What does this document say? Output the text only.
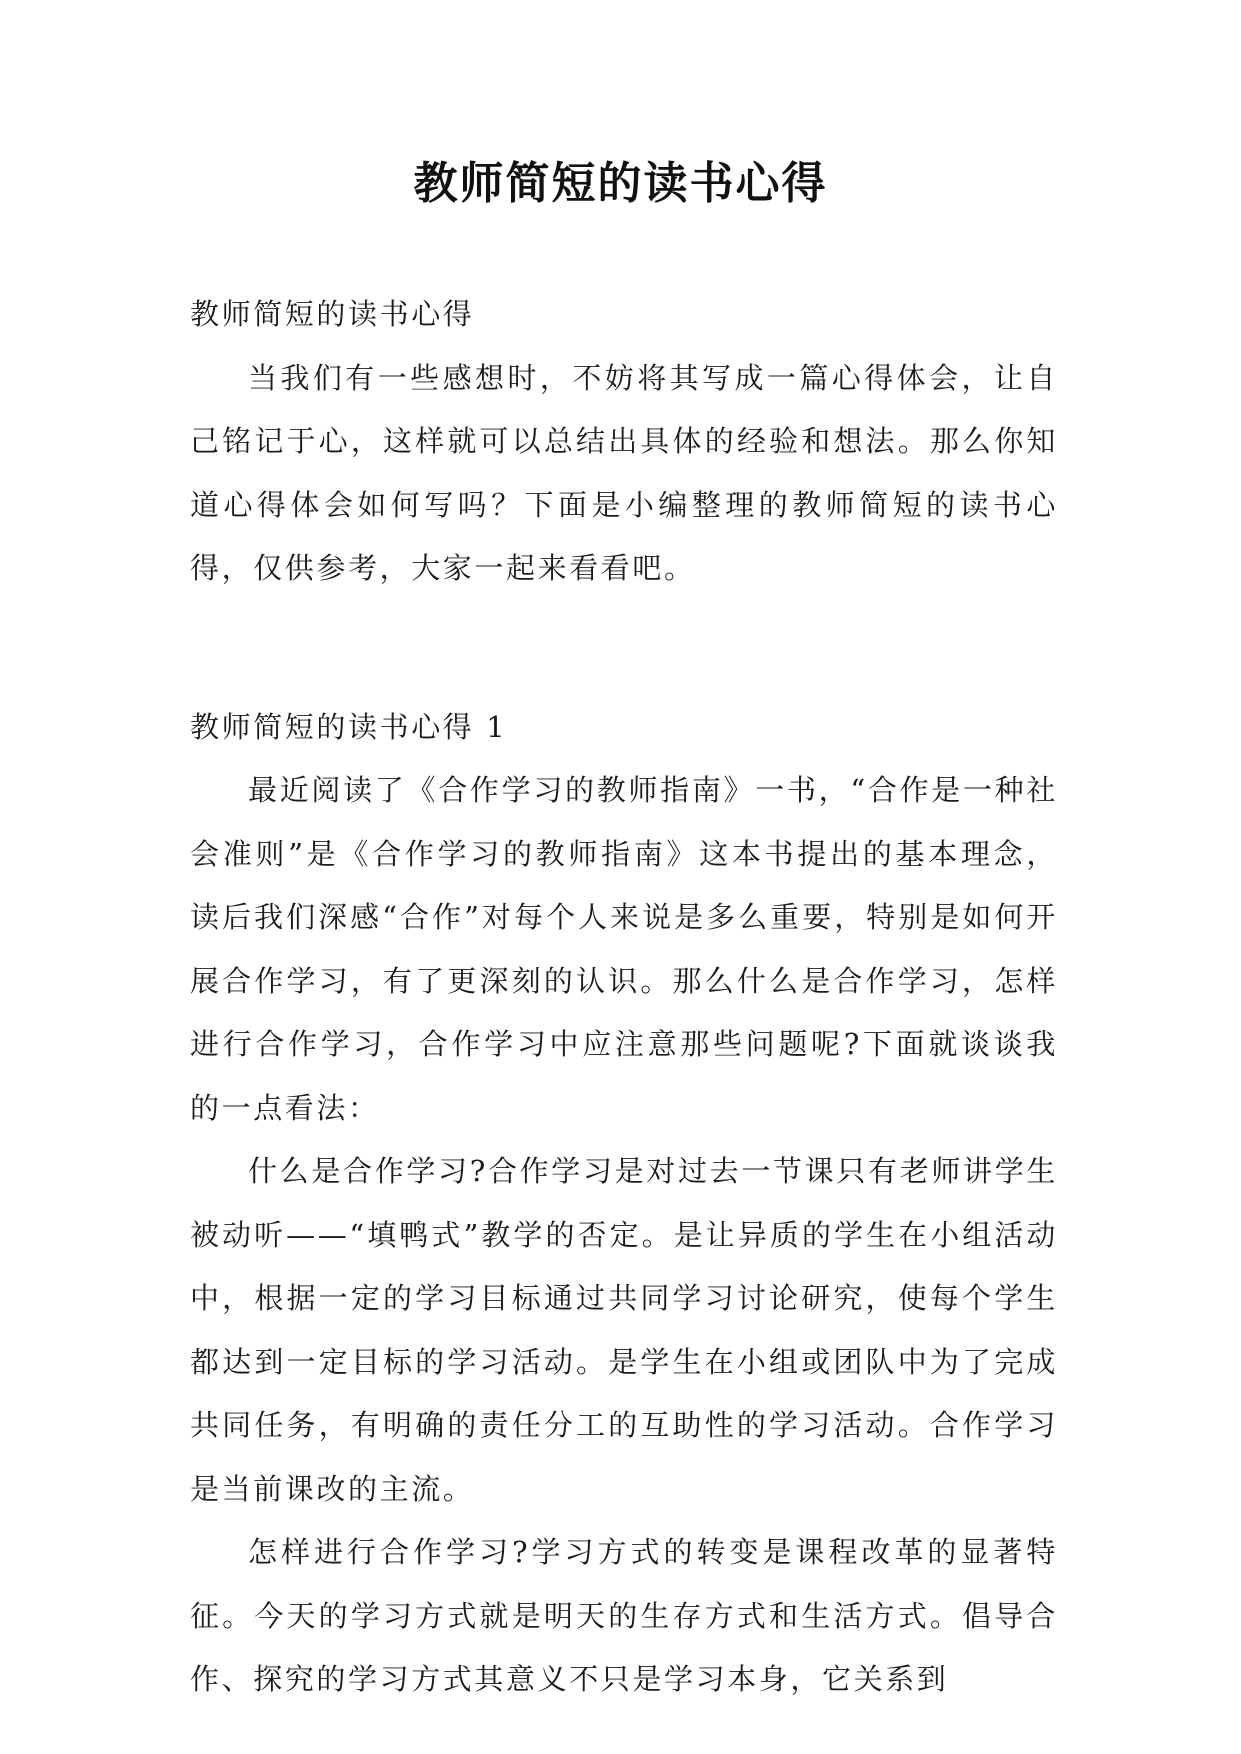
教师简短的读书心得

教师简短的读书心得

当我们有一些感想时，不妨将其写成一篇心得体会，让自己铭记于心，这样就可以总结出具体的经验和想法。那么你知道心得体会如何写吗？下面是小编整理的教师简短的读书心得，仅供参考，大家一起来看看吧。

教师简短的读书心得 1

最近阅读了《合作学习的教师指南》一书，“合作是一种社会准则”是《合作学习的教师指南》这本书提出的基本理念，读后我们深感“合作”对每个人来说是多么重要，特别是如何开展合作学习，有了更深刻的认识。那么什么是合作学习，怎样进行合作学习，合作学习中应注意那些问题呢?下面就谈谈我的一点看法：

什么是合作学习?合作学习是对过去一节课只有老师讲学生被动听——“填鸭式”教学的否定。是让异质的学生在小组活动中，根据一定的学习目标通过共同学习讨论研究，使每个学生都达到一定目标的学习活动。是学生在小组或团队中为了完成共同任务，有明确的责任分工的互助性的学习活动。合作学习是当前课改的主流。

怎样进行合作学习?学习方式的转变是课程改革的显著特征。今天的学习方式就是明天的生存方式和生活方式。倡导合作、探究的学习方式其意义不只是学习本身，它关系到
